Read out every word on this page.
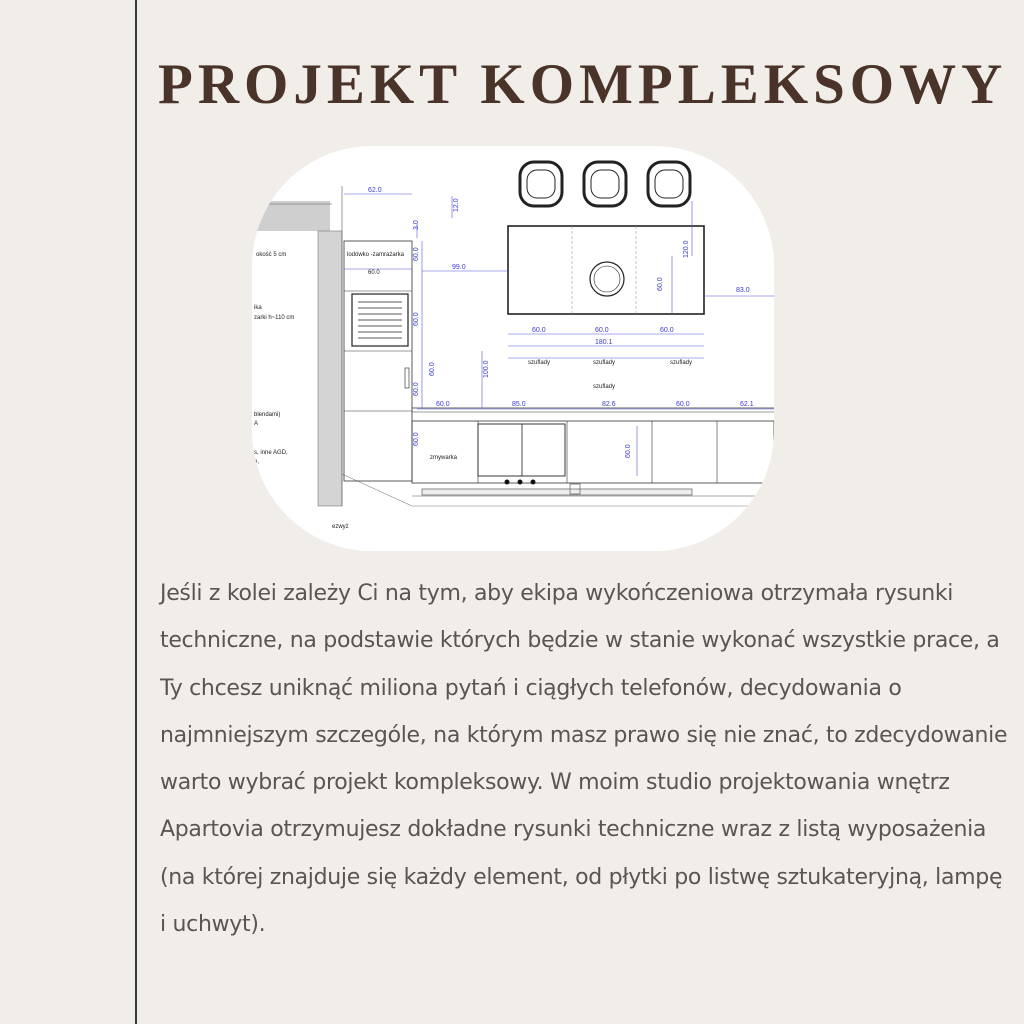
PROJEKT KOMPLEKSOWY
62.0
12.0
3.0
60.0
60.0
99.0
60.0
120.0
83.0
60.0	60.0	60.0
180.1
100.0
60.0
60.0	85.0	82.6	60.0	62.1
60.0
60.0
60.0
okość 5 cm	lodówko -zamrażarka
60.0
ika
zarki h~110 cm
blendami)
A
s, inne AGD,
e,
.
zmywarka
szuflady	szuflady	szuflady
szuflady
ezwyż

Jeśli z kolei zależy Ci na tym, aby ekipa wykończeniowa otrzymała rysunki techniczne, na podstawie których będzie w stanie wykonać wszystkie prace, a Ty chcesz uniknąć miliona pytań i ciągłych telefonów, decydowania o najmniejszym szczególe, na którym masz prawo się nie znać, to zdecydowanie warto wybrać projekt kompleksowy. W moim studio projektowania wnętrz Apartovia otrzymujesz dokładne rysunki techniczne wraz z listą wyposażenia (na której znajduje się każdy element, od płytki po listwę sztukateryjną, lampę i uchwyt).
